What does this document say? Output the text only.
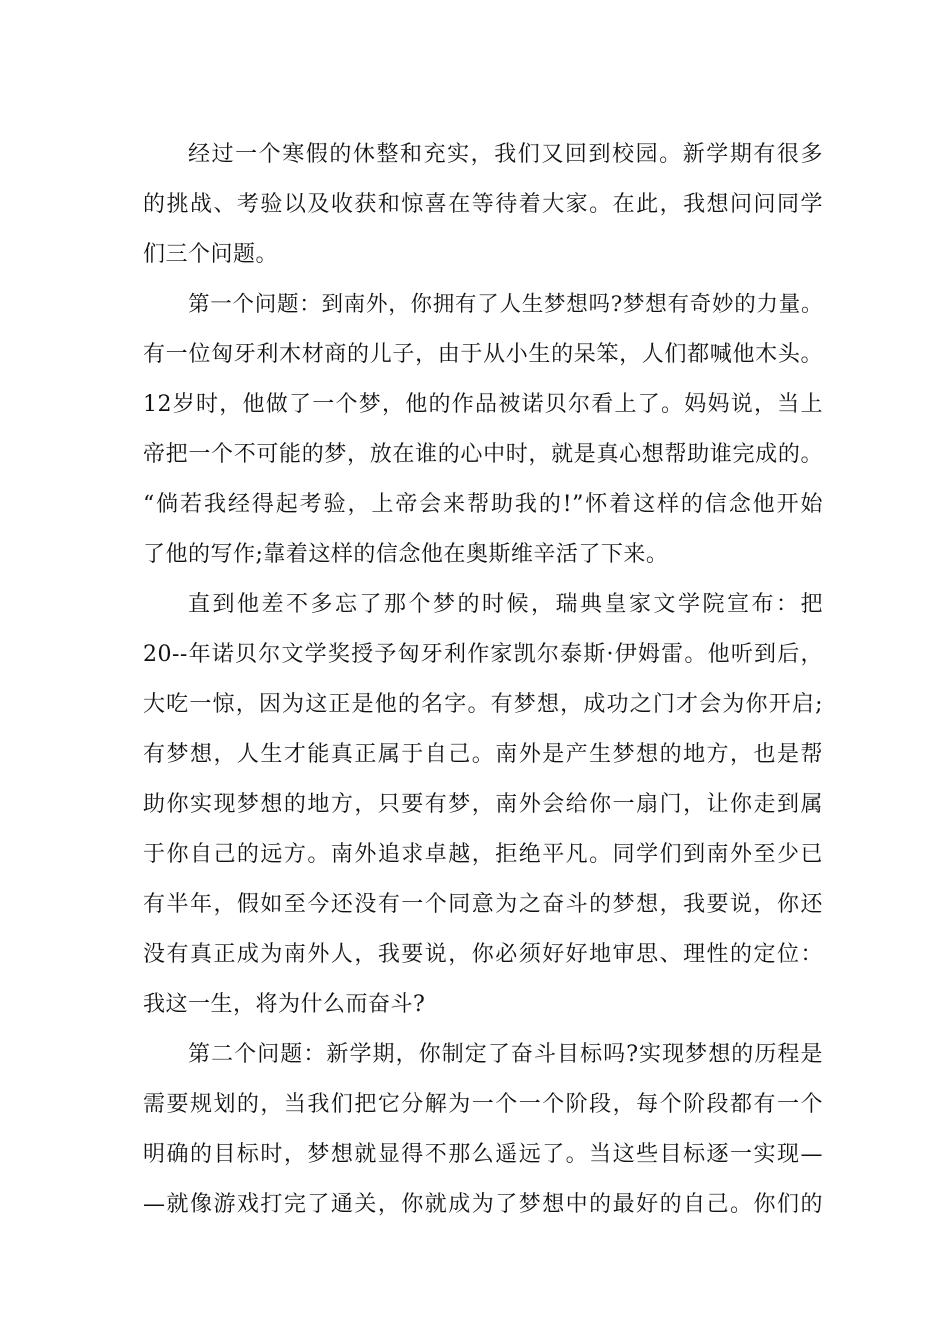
经过一个寒假的休整和充实，我们又回到校园。新学期有很多
的挑战、考验以及收获和惊喜在等待着大家。在此，我想问问同学
们三个问题。
第一个问题：到南外，你拥有了人生梦想吗?梦想有奇妙的力量。
有一位匈牙利木材商的儿子，由于从小生的呆笨，人们都喊他木头。
12岁时，他做了一个梦，他的作品被诺贝尔看上了。妈妈说，当上
帝把一个不可能的梦，放在谁的心中时，就是真心想帮助谁完成的。
“倘若我经得起考验，上帝会来帮助我的!”怀着这样的信念他开始
了他的写作;靠着这样的信念他在奥斯维辛活了下来。
直到他差不多忘了那个梦的时候，瑞典皇家文学院宣布：把
20--年诺贝尔文学奖授予匈牙利作家凯尔泰斯·伊姆雷。他听到后，
大吃一惊，因为这正是他的名字。有梦想，成功之门才会为你开启;
有梦想，人生才能真正属于自己。南外是产生梦想的地方，也是帮
助你实现梦想的地方，只要有梦，南外会给你一扇门，让你走到属
于你自己的远方。南外追求卓越，拒绝平凡。同学们到南外至少已
有半年，假如至今还没有一个同意为之奋斗的梦想，我要说，你还
没有真正成为南外人，我要说，你必须好好地审思、理性的定位：
我这一生，将为什么而奋斗?
第二个问题：新学期，你制定了奋斗目标吗?实现梦想的历程是
需要规划的，当我们把它分解为一个一个阶段，每个阶段都有一个
明确的目标时，梦想就显得不那么遥远了。当这些目标逐一实现—
—就像游戏打完了通关，你就成为了梦想中的最好的自己。你们的
